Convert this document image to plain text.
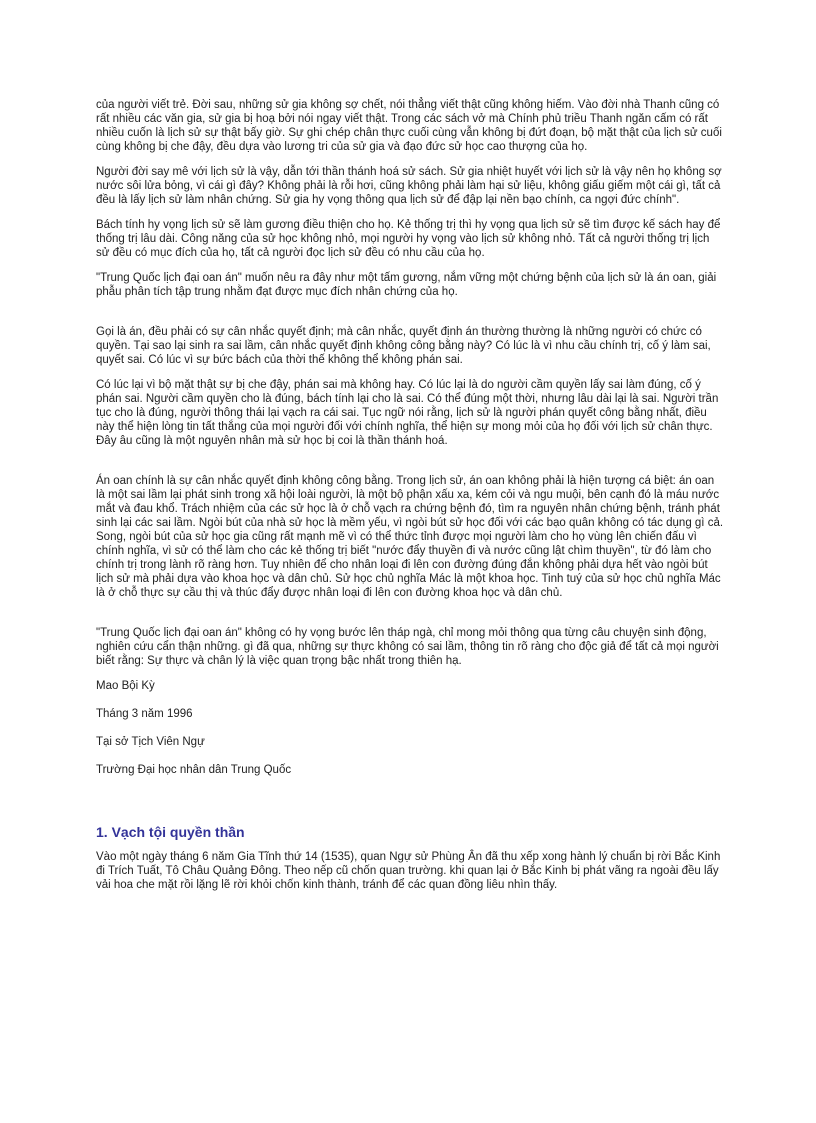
của người viết trẻ. Đời sau, những sử gia không sợ chết, nói thẳng viết thật cũng không hiếm. Vào đời nhà Thanh cũng có rất nhiều các văn gia, sử gia bị hoạ bởi nói ngay viết thật. Trong các sách vở mà Chính phủ triều Thanh ngăn cấm có rất nhiều cuốn là lịch sử sự thật bấy giờ. Sự ghi chép chân thực cuối cùng vẫn không bị đứt đoạn, bộ mặt thật của lịch sử cuối cùng không bị che đậy, đều dựa vào lương tri của sử gia và đạo đức sử học cao thượng của họ.

Người đời say mê với lịch sử là vậy, dẫn tới thần thánh hoá sử sách. Sử gia nhiệt huyết với lịch sử là vậy nên họ không sợ nước sôi lửa bỏng, vì cái gì đây? Không phải là rỗi hơi, cũng không phải làm hại sử liệu, không giấu giếm một cái gì, tất cả đều là lấy lịch sử làm nhân chứng. Sử gia hy vọng thông qua lịch sử để đập lại nền bạo chính, ca ngợi đức chính".

Bách tính hy vọng lịch sử sẽ làm gương điều thiện cho họ. Kẻ thống trị thì hy vọng qua lịch sử sẽ tìm được kế sách hay để thống trị lâu dài. Công năng của sử học không nhỏ, mọi người hy vọng vào lịch sử không nhỏ. Tất cả người thống trị lịch sử đều có mục đích của họ, tất cả người đọc lịch sử đều có nhu cầu của họ.

"Trung Quốc lịch đại oan án" muốn nêu ra đây như một tấm gương, nắm vững một chứng bệnh của lịch sử là án oan, giải phẫu phân tích tập trung nhằm đạt được mục đích nhân chứng của họ.

Gọi là án, đều phải có sự cân nhắc quyết định; mà cân nhắc, quyết định án thường thường là những người có chức có quyền. Tại sao lại sinh ra sai lầm, cân nhắc quyết định không công bằng này? Có lúc là vì nhu cầu chính trị, cố ý làm sai, quyết sai. Có lúc vì sự bức bách của thời thế không thể không phán sai.

Có lúc lại vì bộ mặt thật sự bị che đậy, phán sai mà không hay. Có lúc lại là do người cầm quyền lấy sai làm đúng, cố ý phán sai. Người cầm quyền cho là đúng, bách tính lại cho là sai. Có thể đúng một thời, nhưng lâu dài lại là sai. Người trần tục cho là đúng, người thông thái lại vạch ra cái sai. Tục ngữ nói rằng, lịch sử là người phán quyết công bằng nhất, điều này thể hiện lòng tin tất thắng của mọi người đối với chính nghĩa, thể hiện sự mong mỏi của họ đối với lịch sử chân thực. Đây âu cũng là một nguyên nhân mà sử học bị coi là thần thánh hoá.

Án oan chính là sự cân nhắc quyết định không công bằng. Trong lịch sử, án oan không phải là hiện tượng cá biệt: án oan là một sai lầm lại phát sinh trong xã hội loài người, là một bộ phận xấu xa, kém cỏi và ngu muội, bên cạnh đó là máu nước mắt và đau khổ. Trách nhiệm của các sử học là ở chỗ vạch ra chứng bệnh đó, tìm ra nguyên nhân chứng bệnh, tránh phát sinh lại các sai lầm. Ngòi bút của nhà sử học là mềm yếu, vì ngòi bút sử học đối với các bạo quân không có tác dụng gì cả. Song, ngòi bút của sử học gia cũng rất mạnh mẽ vì có thể thức tỉnh được mọi người làm cho họ vùng lên chiến đấu vì chính nghĩa, vì sử có thể làm cho các kẻ thống trị biết "nước đẩy thuyền đi và nước cũng lật chìm thuyền", từ đó làm cho chính trị trong lành rõ ràng hơn. Tuy nhiên để cho nhân loại đi lên con đường đúng đắn không phải dựa hết vào ngòi bút lịch sử mà phải dựa vào khoa học và dân chủ. Sử học chủ nghĩa Mác là một khoa học. Tinh tuý của sử học chủ nghĩa Mác là ở chỗ thực sự cầu thị và thúc đẩy được nhân loại đi lên con đường khoa học và dân chủ.

"Trung Quốc lịch đại oan án" không có hy vọng bước lên tháp ngà, chỉ mong mỏi thông qua từng câu chuyện sinh động, nghiên cứu cẩn thận những. gì đã qua, những sự thực không có sai lầm, thông tin rõ ràng cho độc giả để tất cả mọi người biết rằng: Sự thực và chân lý là việc quan trọng bậc nhất trong thiên hạ.

Mao Bội Kỳ

Tháng 3 năm 1996

Tại sở Tịch Viên Ngự

Trường Đại học nhân dân Trung Quốc

1. Vạch tội quyền thần

Vào một ngày tháng 6 năm Gia Tĩnh thứ 14 (1535), quan Ngự sử Phùng Ân đã thu xếp xong hành lý chuẩn bị rời Bắc Kinh đi Trích Tuất, Tô Châu Quảng Đông. Theo nếp cũ chốn quan trường. khi quan lại ở Bắc Kinh bị phát vãng ra ngoài đều lấy vải hoa che mặt rồi lặng lẽ rời khỏi chốn kinh thành, tránh để các quan đồng liêu nhìn thấy.
